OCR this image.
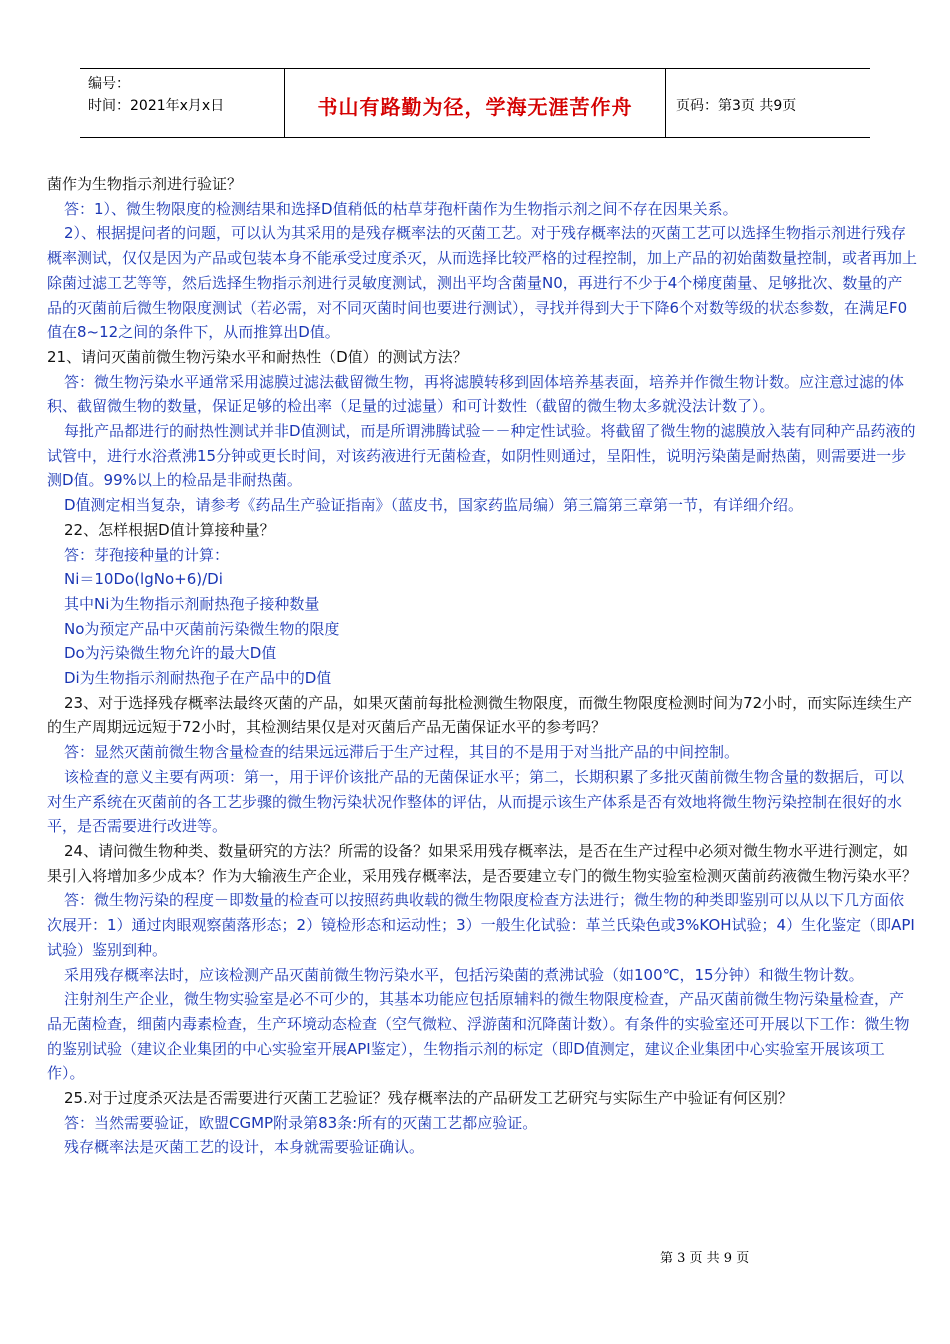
编号：
时间：2021年x月x日	书山有路勤为径，学海无涯苦作舟	页码：第3页 共9页

菌作为生物指示剂进行验证？

答：1）、微生物限度的检测结果和选择D值稍低的枯草芽孢杆菌作为生物指示剂之间不存在因果关系。

2）、根据提问者的问题，可以认为其采用的是残存概率法的灭菌工艺。对于残存概率法的灭菌工艺可以选择生物指示剂进行残存概率测试，仅仅是因为产品或包装本身不能承受过度杀灭，从而选择比较严格的过程控制，加上产品的初始菌数量控制，或者再加上除菌过滤工艺等等，然后选择生物指示剂进行灵敏度测试，测出平均含菌量N0，再进行不少于4个梯度菌量、足够批次、数量的产品的灭菌前后微生物限度测试（若必需，对不同灭菌时间也要进行测试），寻找并得到大于下降6个对数等级的状态参数，在满足F0值在8~12之间的条件下，从而推算出D值。

21、请问灭菌前微生物污染水平和耐热性（D值）的测试方法？

答：微生物污染水平通常采用滤膜过滤法截留微生物，再将滤膜转移到固体培养基表面，培养并作微生物计数。应注意过滤的体积、截留微生物的数量，保证足够的检出率（足量的过滤量）和可计数性（截留的微生物太多就没法计数了）。

每批产品都进行的耐热性测试并非D值测试，而是所谓沸腾试验－－种定性试验。将截留了微生物的滤膜放入装有同种产品药液的试管中，进行水浴煮沸15分钟或更长时间，对该药液进行无菌检查，如阴性则通过，呈阳性，说明污染菌是耐热菌，则需要进一步测D值。99%以上的检品是非耐热菌。

D值测定相当复杂，请参考《药品生产验证指南》（蓝皮书，国家药监局编）第三篇第三章第一节，有详细介绍。

22、怎样根据D值计算接种量？

答：芽孢接种量的计算：

Ni＝10Do(lgNo+6)/Di

其中Ni为生物指示剂耐热孢子接种数量

No为预定产品中灭菌前污染微生物的限度

Do为污染微生物允许的最大D值

Di为生物指示剂耐热孢子在产品中的D值

23、对于选择残存概率法最终灭菌的产品，如果灭菌前每批检测微生物限度，而微生物限度检测时间为72小时，而实际连续生产的生产周期远远短于72小时，其检测结果仅是对灭菌后产品无菌保证水平的参考吗？

答：显然灭菌前微生物含量检查的结果远远滞后于生产过程，其目的不是用于对当批产品的中间控制。

该检查的意义主要有两项：第一，用于评价该批产品的无菌保证水平；第二，长期积累了多批灭菌前微生物含量的数据后，可以对生产系统在灭菌前的各工艺步骤的微生物污染状况作整体的评估，从而提示该生产体系是否有效地将微生物污染控制在很好的水平，是否需要进行改进等。

24、请问微生物种类、数量研究的方法？所需的设备？如果采用残存概率法，是否在生产过程中必须对微生物水平进行测定，如果引入将增加多少成本？作为大输液生产企业，采用残存概率法，是否要建立专门的微生物实验室检测灭菌前药液微生物污染水平？

答：微生物污染的程度－即数量的检查可以按照药典收载的微生物限度检查方法进行；微生物的种类即鉴别可以从以下几方面依次展开：1）通过肉眼观察菌落形态；2）镜检形态和运动性；3）一般生化试验：革兰氏染色或3%KOH试验；4）生化鉴定（即API试验）鉴别到种。

采用残存概率法时，应该检测产品灭菌前微生物污染水平，包括污染菌的煮沸试验（如100℃，15分钟）和微生物计数。

注射剂生产企业，微生物实验室是必不可少的，其基本功能应包括原辅料的微生物限度检查，产品灭菌前微生物污染量检查，产品无菌检查，细菌内毒素检查，生产环境动态检查（空气微粒、浮游菌和沉降菌计数）。有条件的实验室还可开展以下工作：微生物的鉴别试验（建议企业集团的中心实验室开展API鉴定），生物指示剂的标定（即D值测定，建议企业集团中心实验室开展该项工作）。

25.对于过度杀灭法是否需要进行灭菌工艺验证？残存概率法的产品研发工艺研究与实际生产中验证有何区别？

答：当然需要验证，欧盟CGMP附录第83条:所有的灭菌工艺都应验证。

残存概率法是灭菌工艺的设计，本身就需要验证确认。

第 3 页 共 9 页
